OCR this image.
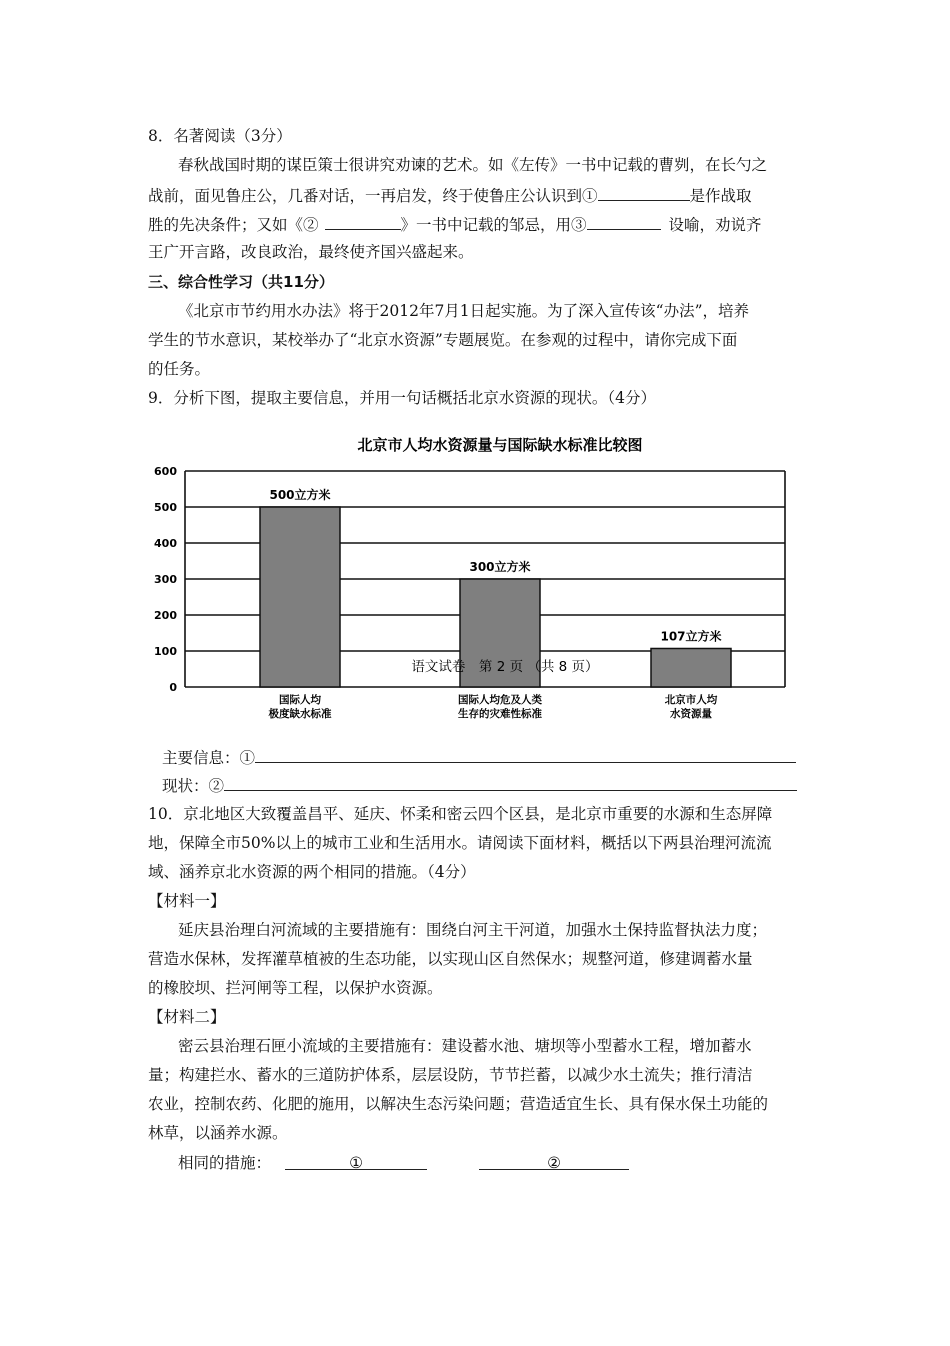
8．名著阅读（3分）
春秋战国时期的谋臣策士很讲究劝谏的艺术。如《左传》一书中记载的曹刿，在长勺之
战前，面见鲁庄公，几番对话，一再启发，终于使鲁庄公认识到①	是作战取
胜的先决条件；又如《②	》一书中记载的邹忌，用③	设喻，劝说齐
王广开言路，改良政治，最终使齐国兴盛起来。
三、综合性学习（共11分）
《北京市节约用水办法》将于2012年7月1日起实施。为了深入宣传该“办法”，培养
学生的节水意识，某校举办了“北京水资源”专题展览。在参观的过程中，请你完成下面
的任务。
9．分析下图，提取主要信息，并用一句话概括北京水资源的现状。（4分）
北京市人均水资源量与国际缺水标准比较图
0
100
200
300
400
500
600
国际人均
极度缺水标准
国际人均危及人类
生存的灾难性标准
北京市人均
水资源量
500立方米
300立方米
107立方米
语文试卷　第 2 页 （共 8 页）
主要信息：①
现状：②
10．京北地区大致覆盖昌平、延庆、怀柔和密云四个区县，是北京市重要的水源和生态屏障
地，保障全市50%以上的城市工业和生活用水。请阅读下面材料，概括以下两县治理河流流
域、涵养京北水资源的两个相同的措施。（4分）
【材料一】
延庆县治理白河流域的主要措施有：围绕白河主干河道，加强水土保持监督执法力度；
营造水保林，发挥灌草植被的生态功能，以实现山区自然保水；规整河道，修建调蓄水量
的橡胶坝、拦河闸等工程，以保护水资源。
【材料二】
密云县治理石匣小流域的主要措施有：建设蓄水池、塘坝等小型蓄水工程，增加蓄水
量；构建拦水、蓄水的三道防护体系，层层设防，节节拦蓄，以减少水土流失；推行清洁
农业，控制农药、化肥的施用，以解决生态污染问题；营造适宜生长、具有保水保土功能的
林草，以涵养水源。
相同的措施：	①	②
